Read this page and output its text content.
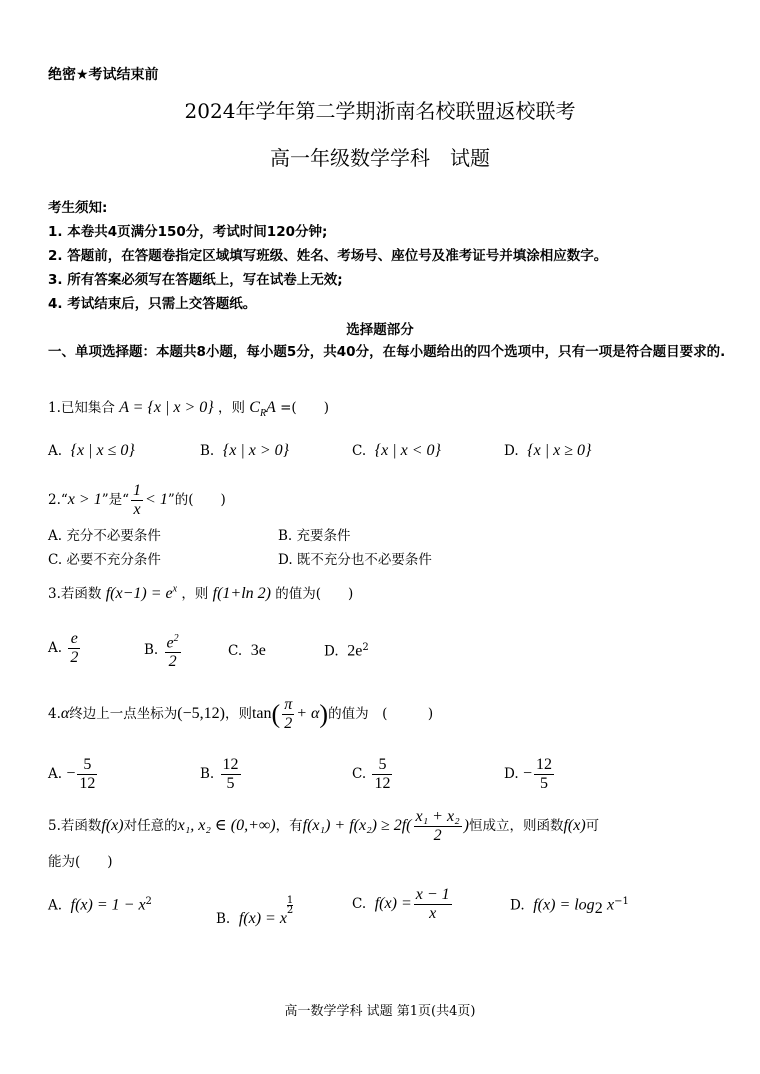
绝密★考试结束前
2024年学年第二学期浙南名校联盟返校联考
高一年级数学学科　试题
考生须知:
1. 本卷共4页满分150分，考试时间120分钟;
2. 答题前，在答题卷指定区域填写班级、姓名、考场号、座位号及准考证号并填涂相应数字。
3. 所有答案必须写在答题纸上，写在试卷上无效;
4. 考试结束后，只需上交答题纸。
选择题部分
一、单项选择题：本题共8小题，每小题5分，共40分，在每小题给出的四个选项中，只有一项是符合题目要求的.
1.已知集合 A = {x | x > 0} ，则 $C_RA$ =(  )
A. {x | x ≤ 0}	B. {x | x > 0}	C. {x | x < 0}	D. {x | x ≥ 0}
2.“x > 1”是“ $\frac{1}{x} < 1$”的(  )
A. 充分不必要条件	B. 充要条件
C. 必要不充分条件	D. 既不充分也不必要条件
3.若函数 $f(x-1) = e^x$ ，则 f(1+ln 2) 的值为(  )
A. $\frac{e}{2}$	B. $\frac{e^2}{2}$	C. 3e	D. $2e^2$
4.α终边上一点坐标为(−5,12)，则$\tan( \frac{\pi}{2} + \alpha)$的值为 (   )
A. − $\frac{5}{12}$	B. $\frac{12}{5}$	C. $\frac{5}{12}$	D. − $\frac{12}{5}$
5.若函数f(x)对任意的x₁, x₂ ∈ (0,+∞)，有$f(x_1) + f(x_2) \ge 2f( \frac{\text{x₁ + x₂}}{2}$ )恒成立，则函数f(x)可
能为(  )
A. $f(x) = 1 - x^2$
B. f(x) = x
$^{\frac{1}{2}}$	C. $f(x) = \frac{x - 1}{x}$	D. $f(x) = \log_2 x^{-1}$
高一数学学科 试题 第1页(共4页)
